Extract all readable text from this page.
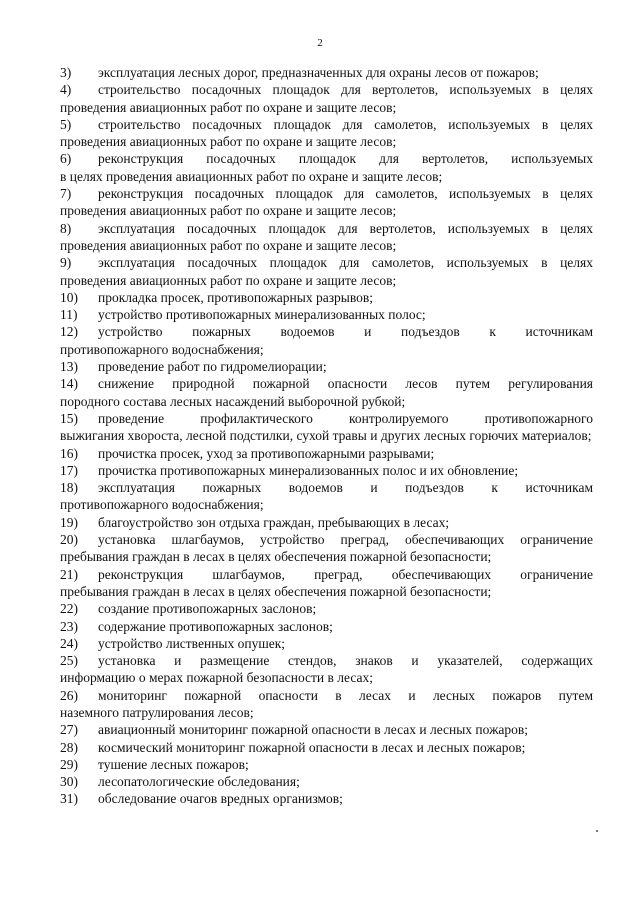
2
3) эксплуатация лесных дорог, предназначенных для охраны лесов от пожаров;
4) строительство посадочных площадок для вертолетов, используемых в целях
проведения авиационных работ по охране и защите лесов;
5) строительство посадочных площадок для самолетов, используемых в целях
проведения авиационных работ по охране и защите лесов;
6) реконструкция посадочных площадок для вертолетов, используемых
в целях проведения авиационных работ по охране и защите лесов;
7) реконструкция посадочных площадок для самолетов, используемых в целях
проведения авиационных работ по охране и защите лесов;
8) эксплуатация посадочных площадок для вертолетов, используемых в целях
проведения авиационных работ по охране и защите лесов;
9) эксплуатация посадочных площадок для самолетов, используемых в целях
проведения авиационных работ по охране и защите лесов;
10) прокладка просек, противопожарных разрывов;
11) устройство противопожарных минерализованных полос;
12) устройство пожарных водоемов и подъездов к источникам
противопожарного водоснабжения;
13) проведение работ по гидромелиорации;
14) снижение природной пожарной опасности лесов путем регулирования
породного состава лесных насаждений выборочной рубкой;
15) проведение профилактического контролируемого противопожарного
выжигания хвороста, лесной подстилки, сухой травы и других лесных горючих материалов;
16) прочистка просек, уход за противопожарными разрывами;
17) прочистка противопожарных минерализованных полос и их обновление;
18) эксплуатация пожарных водоемов и подъездов к источникам
противопожарного водоснабжения;
19) благоустройство зон отдыха граждан, пребывающих в лесах;
20) установка шлагбаумов, устройство преград, обеспечивающих ограничение
пребывания граждан в лесах в целях обеспечения пожарной безопасности;
21) реконструкция шлагбаумов, преград, обеспечивающих ограничение
пребывания граждан в лесах в целях обеспечения пожарной безопасности;
22) создание противопожарных заслонов;
23) содержание противопожарных заслонов;
24) устройство лиственных опушек;
25) установка и размещение стендов, знаков и указателей, содержащих
информацию о мерах пожарной безопасности в лесах;
26) мониторинг пожарной опасности в лесах и лесных пожаров путем
наземного патрулирования лесов;
27) авиационный мониторинг пожарной опасности в лесах и лесных пожаров;
28) космический мониторинг пожарной опасности в лесах и лесных пожаров;
29) тушение лесных пожаров;
30) лесопатологические обследования;
31) обследование очагов вредных организмов;
